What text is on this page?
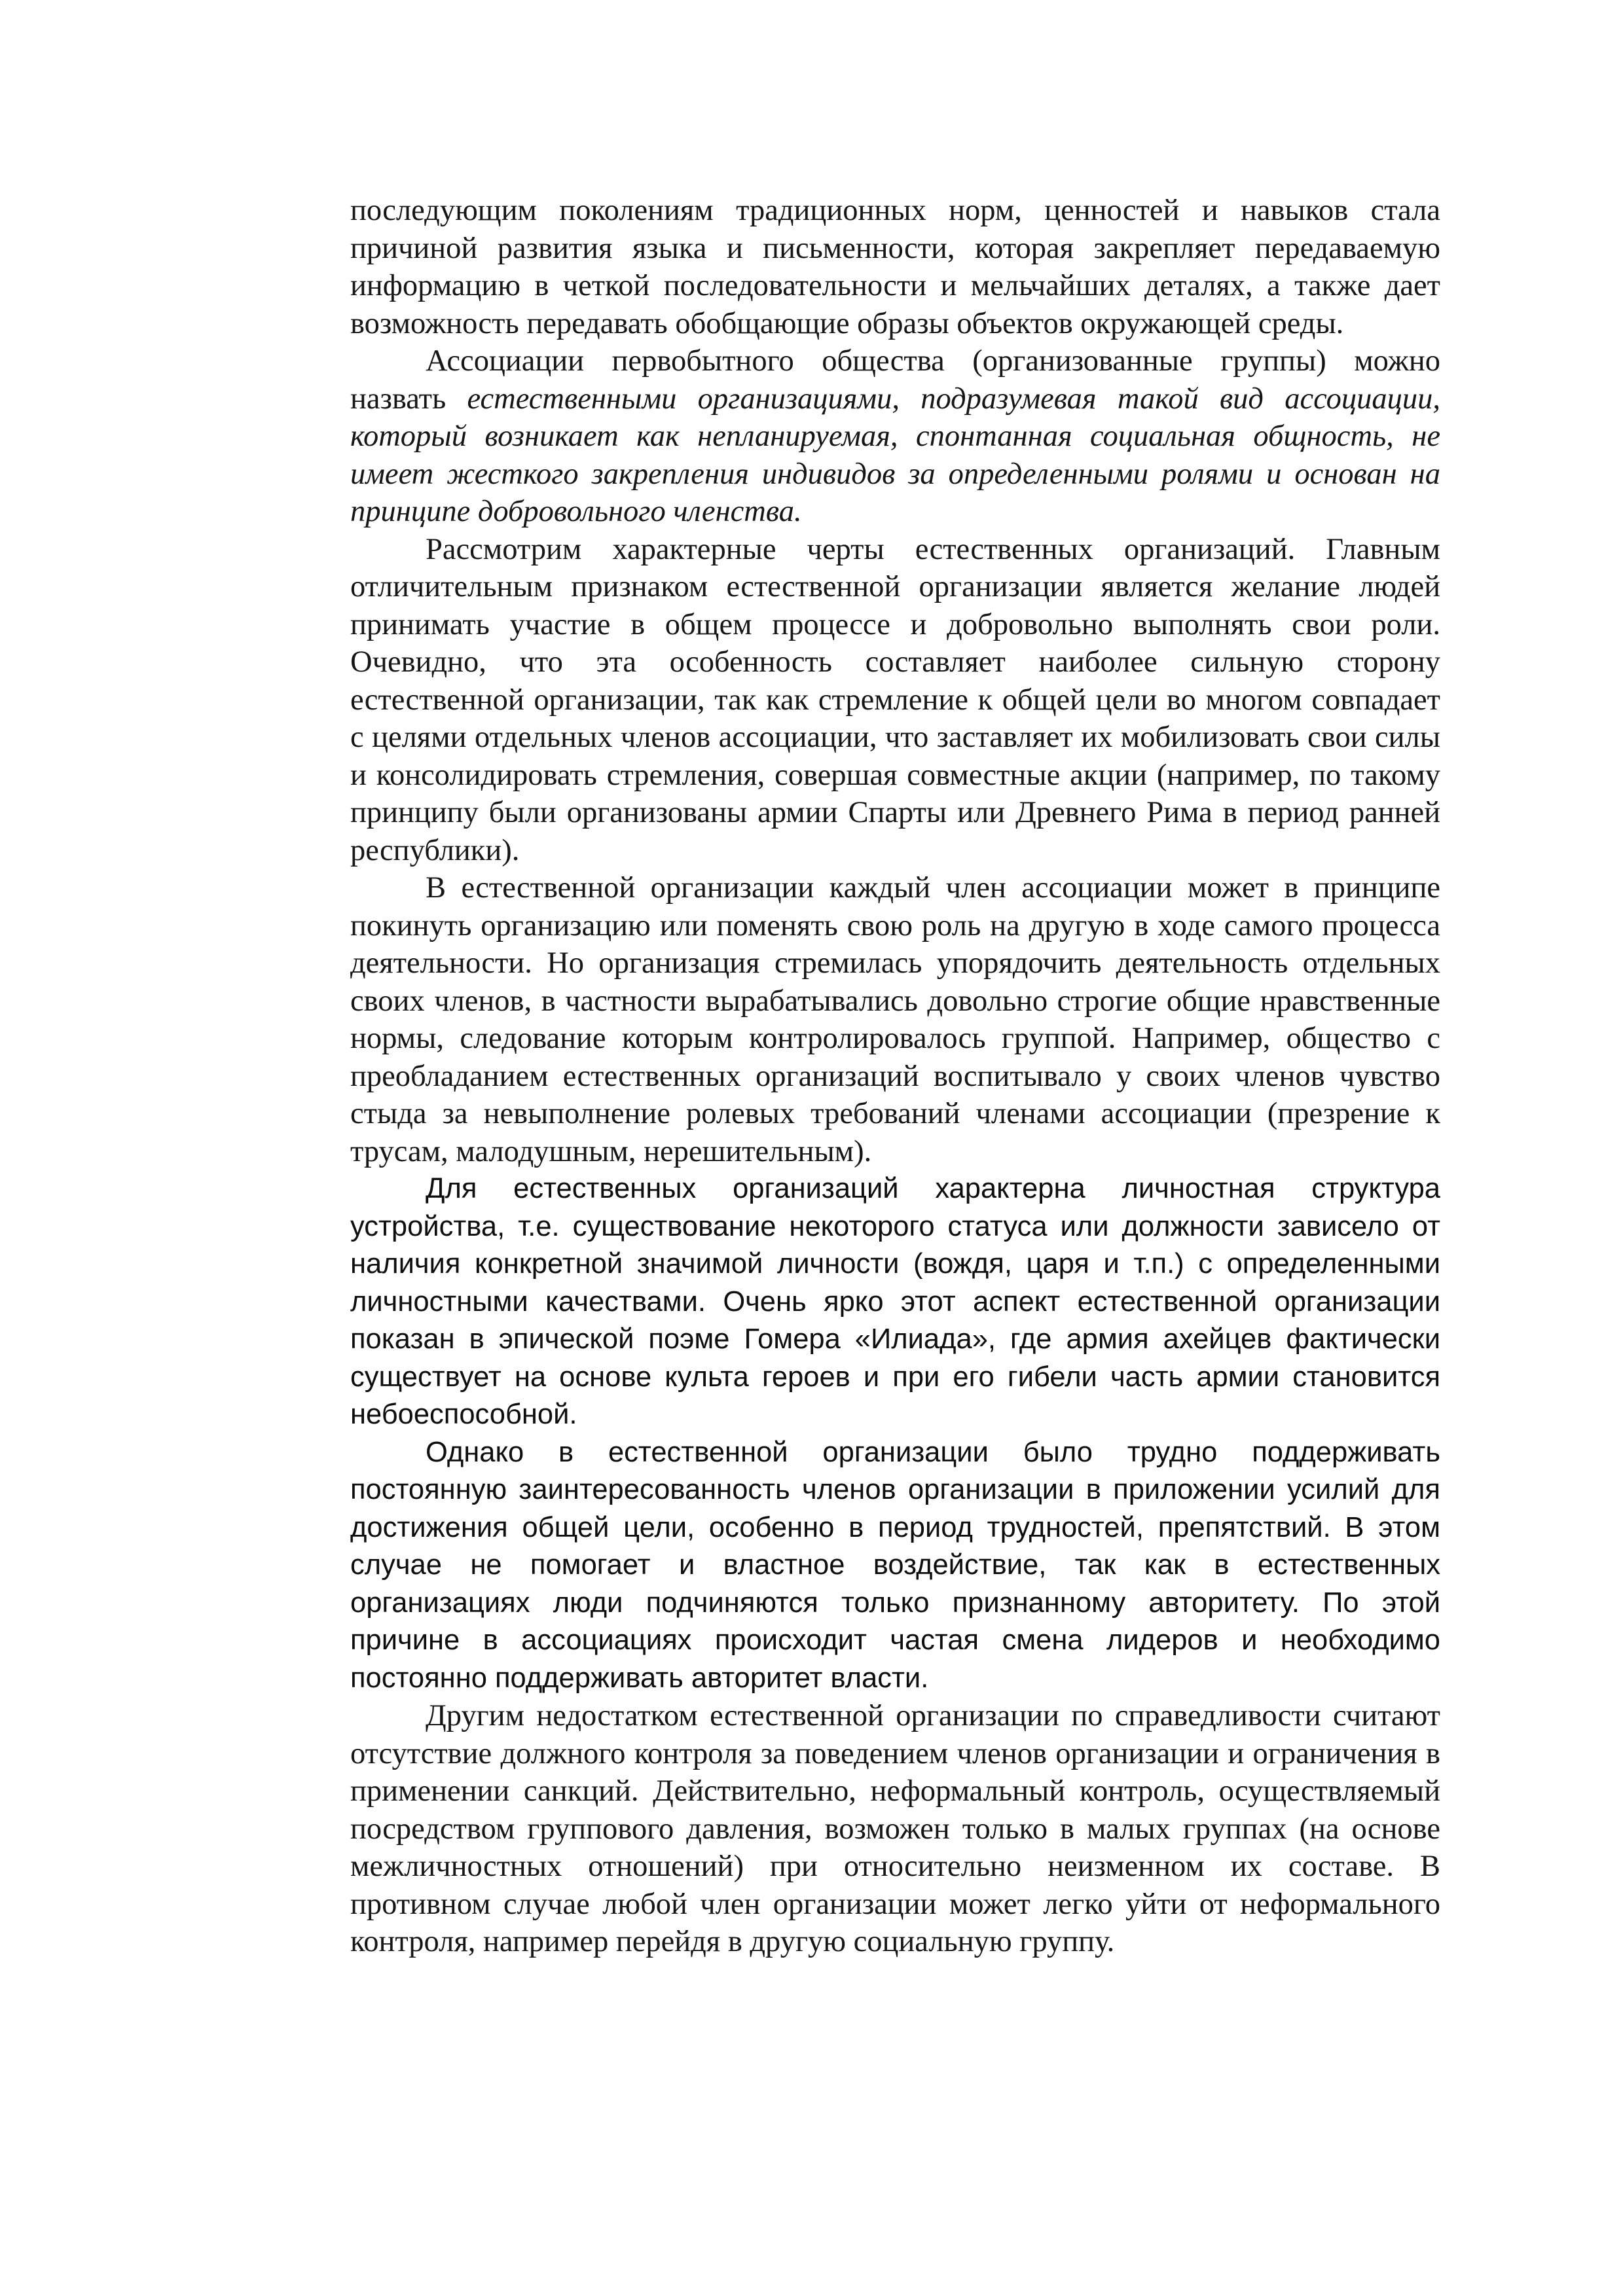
последующим поколениям традиционных норм, ценностей и навыков стала причиной развития языка и письменности, которая закрепляет передаваемую информацию в четкой последовательности и мельчайших деталях, а также дает возможность передавать обобщающие образы объектов окружающей среды.

Ассоциации первобытного общества (организованные группы) можно назвать естественными организациями, подразумевая такой вид ассоциации, который возникает как непланируемая, спонтанная социальная общность, не имеет жесткого закрепления индивидов за определенными ролями и основан на принципе добровольного членства.

Рассмотрим характерные черты естественных организаций. Главным отличительным признаком естественной организации является желание людей принимать участие в общем процессе и добровольно выполнять свои роли. Очевидно, что эта особенность составляет наиболее сильную сторону естественной организации, так как стремление к общей цели во многом совпадает с целями отдельных членов ассоциации, что заставляет их мобилизовать свои силы и консолидировать стремления, совершая совместные акции (например, по такому принципу были организованы армии Спарты или Древнего Рима в период ранней республики).

В естественной организации каждый член ассоциации может в принципе покинуть организацию или поменять свою роль на другую в ходе самого процесса деятельности. Но организация стремилась упорядочить деятельность отдельных своих членов, в частности вырабатывались довольно строгие общие нравственные нормы, следование которым контролировалось группой. Например, общество с преобладанием естественных организаций воспитывало у своих членов чувство стыда за невыполнение ролевых требований членами ассоциации (презрение к трусам, малодушным, нерешительным).

Для естественных организаций характерна личностная структура устройства, т.е. существование некоторого статуса или должности зависело от наличия конкретной значимой личности (вождя, царя и т.п.) с определенными личностными качествами. Очень ярко этот аспект естественной организации показан в эпической поэме Гомера «Илиада», где армия ахейцев фактически существует на основе культа героев и при его гибели часть армии становится небоеспособной.

Однако в естественной организации было трудно поддерживать постоянную заинтересованность членов организации в приложении усилий для достижения общей цели, особенно в период трудностей, препятствий. В этом случае не помогает и властное воздействие, так как в естественных организациях люди подчиняются только признанному авторитету. По этой причине в ассоциациях происходит частая смена лидеров и необходимо постоянно поддерживать авторитет власти.

Другим недостатком естественной организации по справедливости считают отсутствие должного контроля за поведением членов организации и ограничения в применении санкций. Действительно, неформальный контроль, осуществляемый посредством группового давления, возможен только в малых группах (на основе межличностных отношений) при относительно неизменном их составе. В противном случае любой член организации может легко уйти от неформального контроля, например перейдя в другую социальную группу.
